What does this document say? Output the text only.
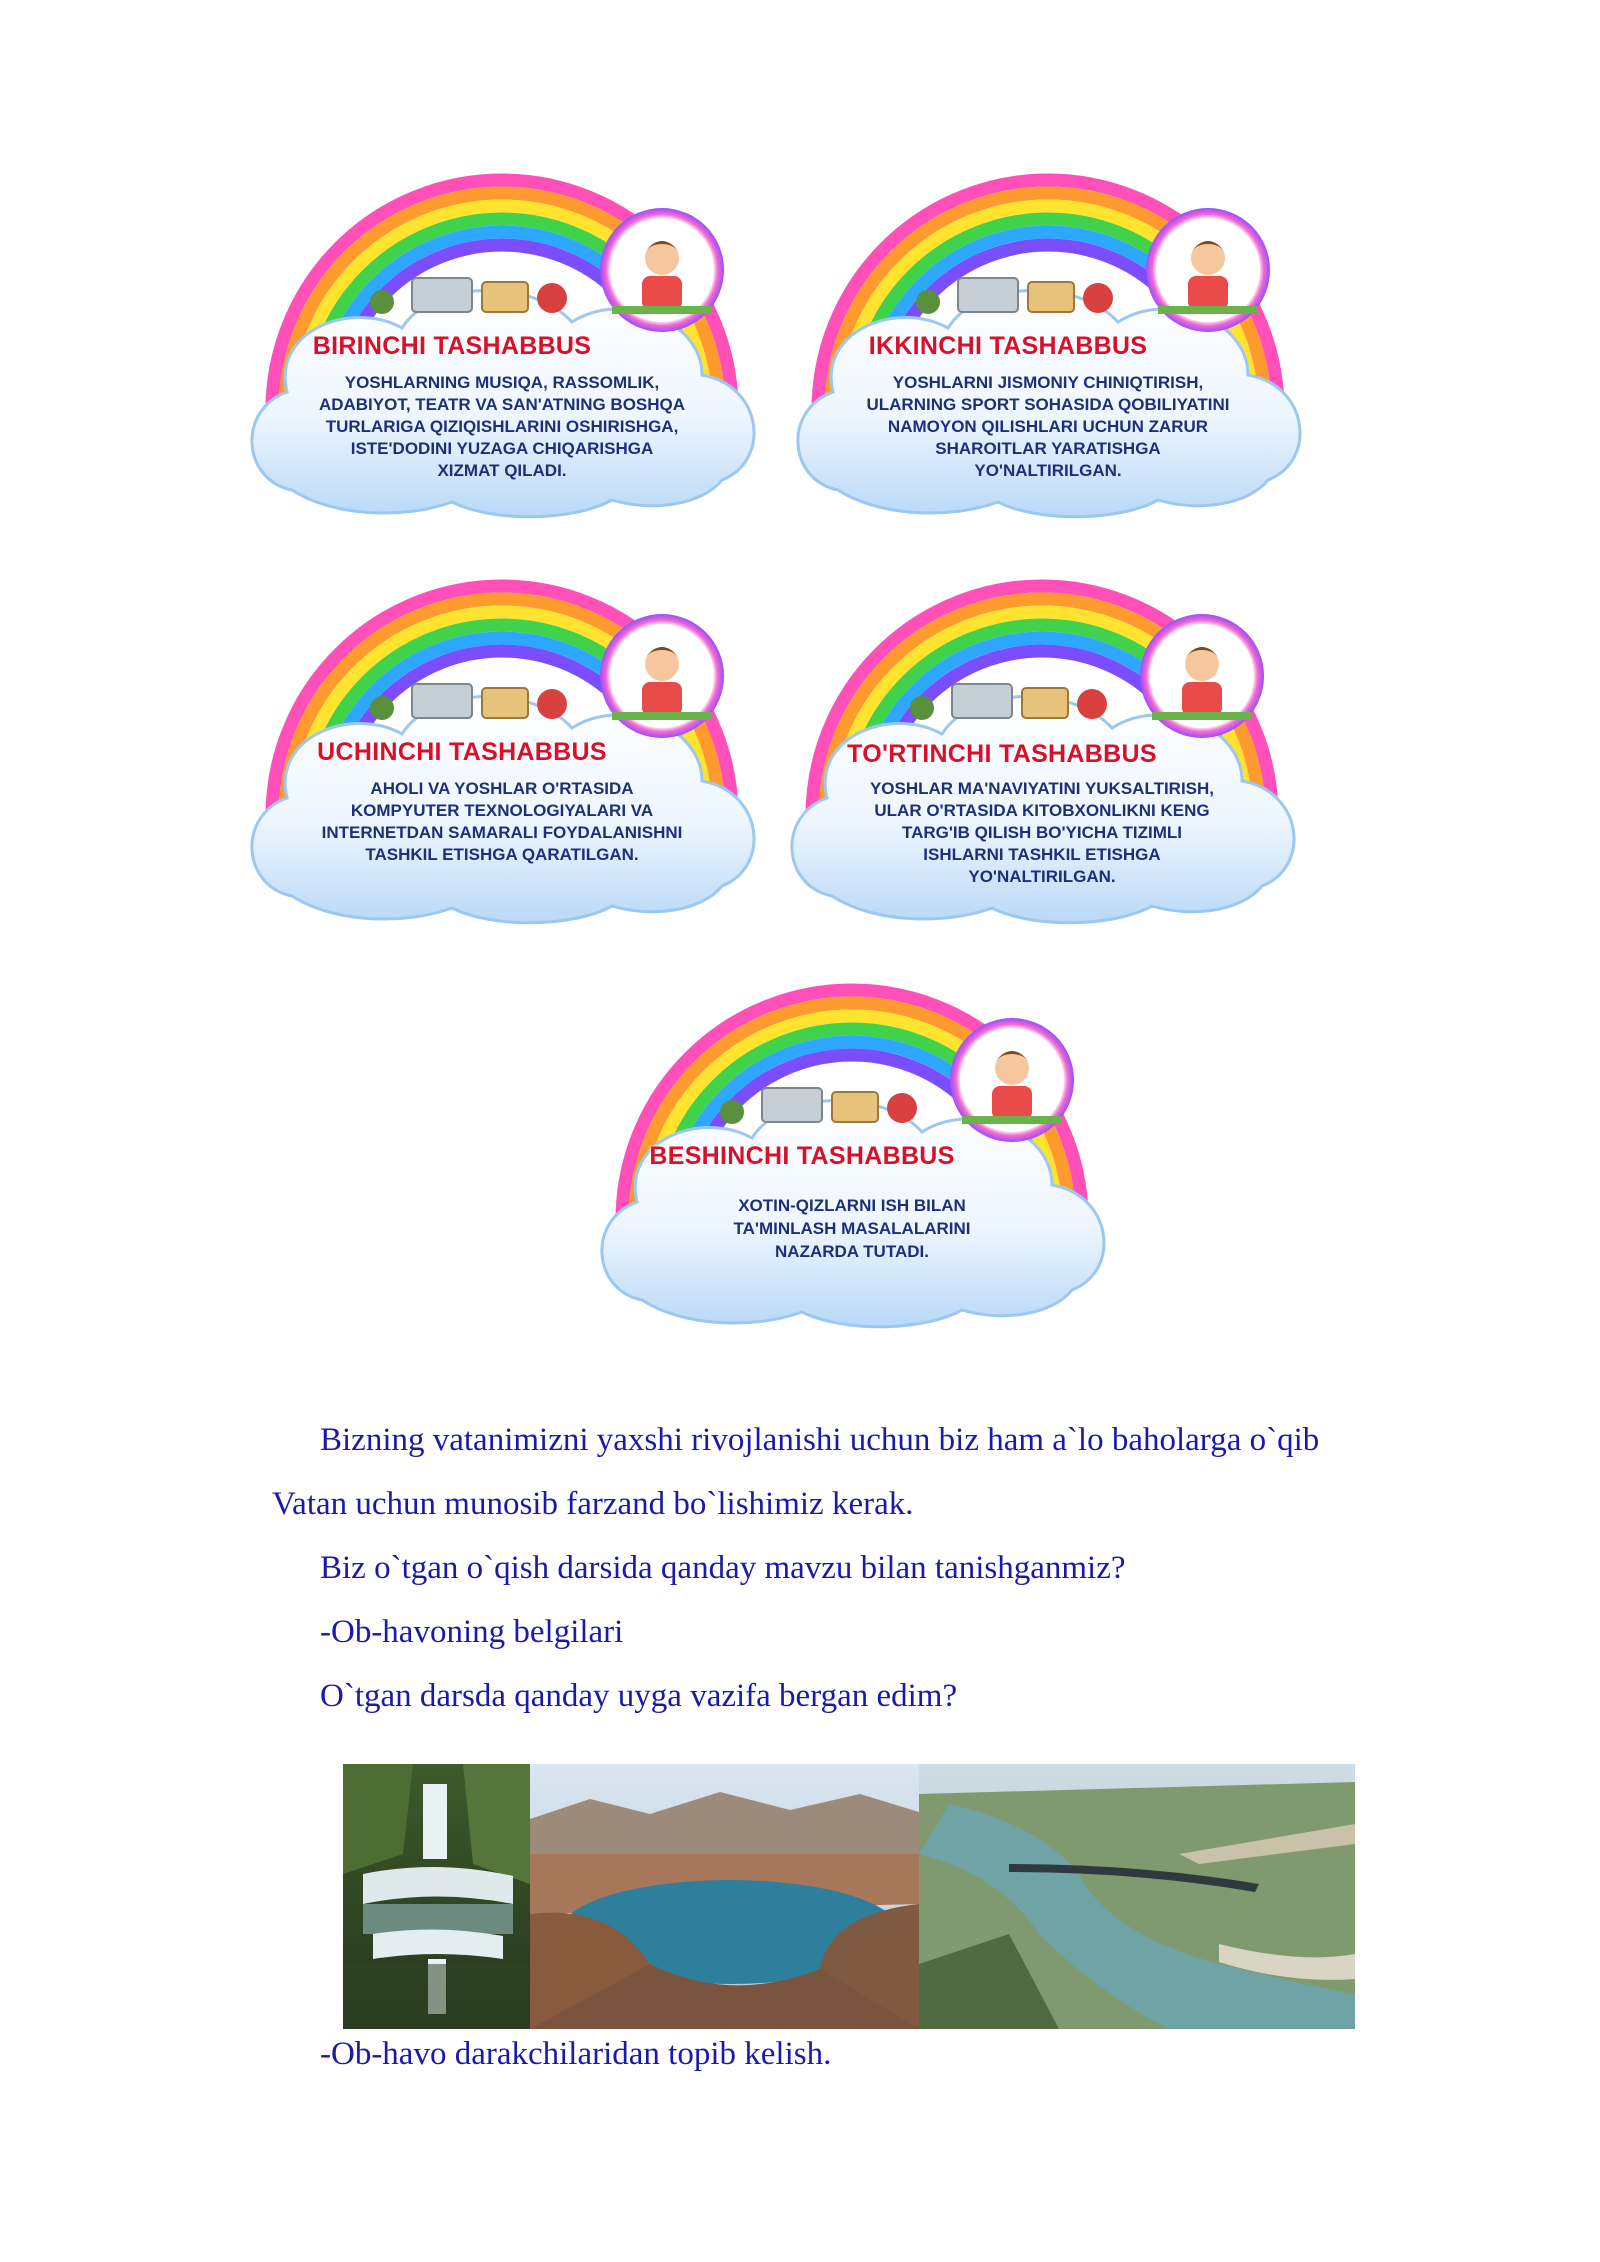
BIRINCHI TASHABBUS
YOSHLARNING MUSIQA, RASSOMLIK,
ADABIYOT, TEATR VA SAN'ATNING BOSHQA
TURLARIGA QIZIQISHLARINI OSHIRISHGA,
ISTE'DODINI YUZAGA CHIQARISHGA
XIZMAT QILADI.
IKKINCHI TASHABBUS
YOSHLARNI JISMONIY CHINIQTIRISH,
ULARNING SPORT SOHASIDA QOBILIYATINI
NAMOYON QILISHLARI UCHUN ZARUR
SHAROITLAR YARATISHGA
YO'NALTIRILGAN.
UCHINCHI TASHABBUS
AHOLI VA YOSHLAR O'RTASIDA
KOMPYUTER TEXNOLOGIYALARI VA
INTERNETDAN SAMARALI FOYDALANISHNI
TASHKIL ETISHGA QARATILGAN.
TO'RTINCHI TASHABBUS
YOSHLAR MA'NAVIYATINI YUKSALTIRISH,
ULAR O'RTASIDA KITOBXONLIKNI KENG
TARG'IB QILISH BO'YICHA TIZIMLI
ISHLARNI TASHKIL ETISHGA
YO'NALTIRILGAN.
BESHINCHI TASHABBUS
XOTIN-QIZLARNI ISH BILAN
TA'MINLASH MASALALARINI
NAZARDA TUTADI.
Bizning vatanimizni yaxshi rivojlanishi uchun biz ham a`lo baholarga o`qib
Vatan uchun munosib farzand bo`lishimiz kerak.
Biz o`tgan o`qish darsida qanday mavzu bilan tanishganmiz?
-Ob-havoning belgilari
O`tgan darsda qanday uyga vazifa bergan edim?
-Ob-havo darakchilaridan topib kelish.
